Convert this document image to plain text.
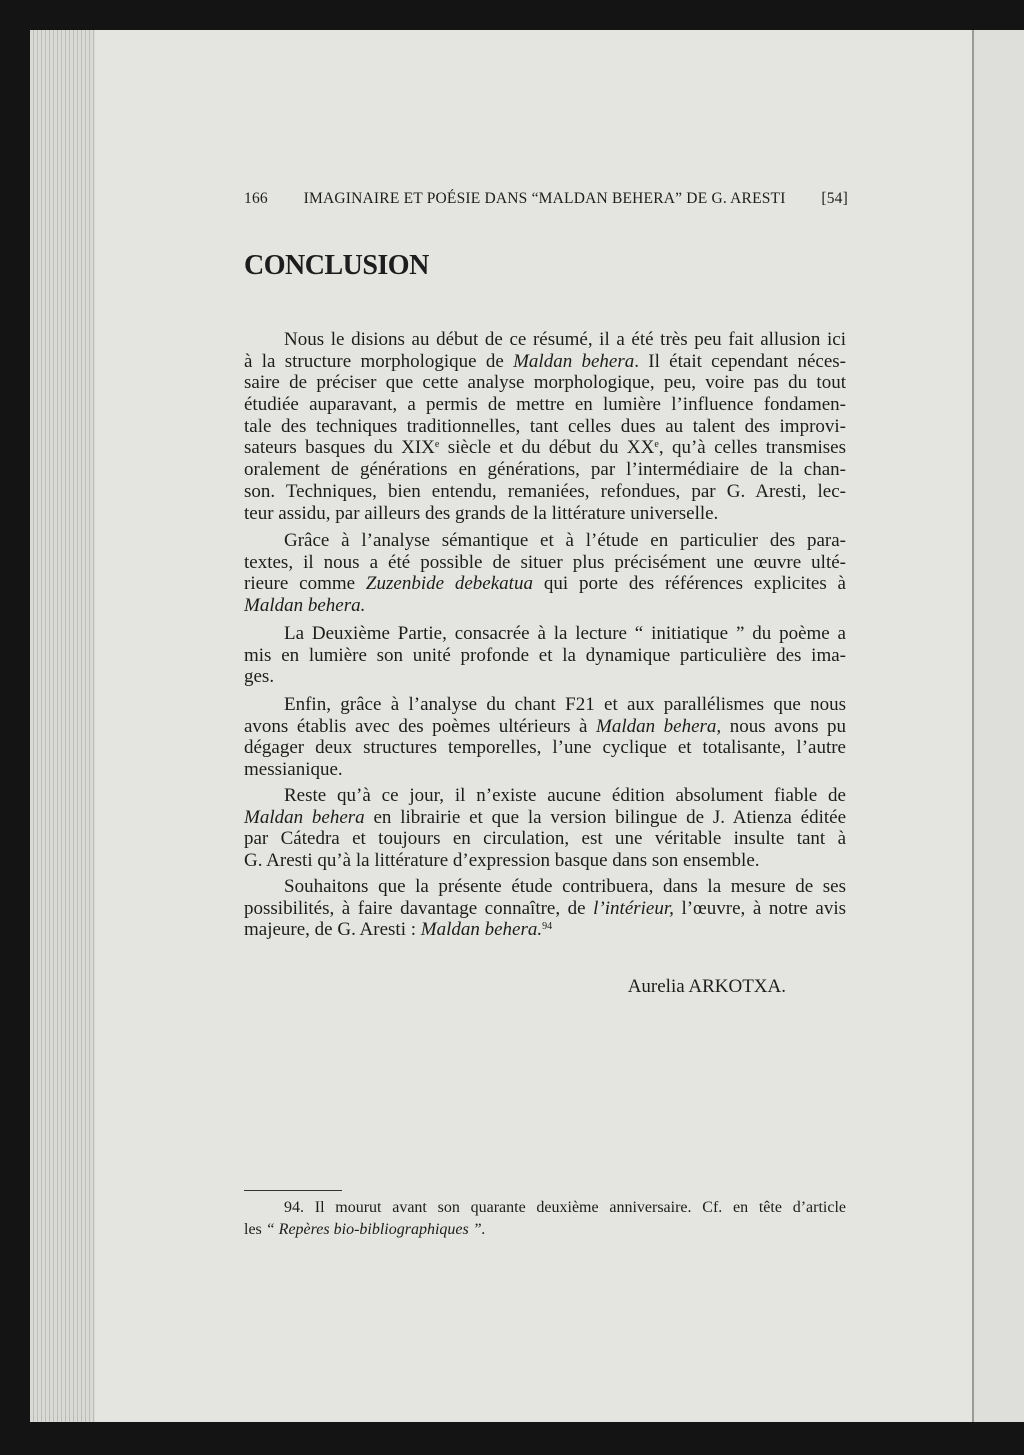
166 IMAGINAIRE ET POÉSIE DANS “MALDAN BEHERA” DE G. ARESTI [54]
CONCLUSION
Nous le disions au début de ce résumé, il a été très peu fait allusion ici
à la structure morphologique de Maldan behera. Il était cependant néces-
saire de préciser que cette analyse morphologique, peu, voire pas du tout
étudiée auparavant, a permis de mettre en lumière l’influence fondamen-
tale des techniques traditionnelles, tant celles dues au talent des improvi-
sateurs basques du XIXe siècle et du début du XXe, qu’à celles transmises
oralement de générations en générations, par l’intermédiaire de la chan-
son. Techniques, bien entendu, remaniées, refondues, par G. Aresti, lec-
teur assidu, par ailleurs des grands de la littérature universelle.
Grâce à l’analyse sémantique et à l’étude en particulier des para-
textes, il nous a été possible de situer plus précisément une œuvre ulté-
rieure comme Zuzenbide debekatua qui porte des références explicites à
Maldan behera.
La Deuxième Partie, consacrée à la lecture “ initiatique ” du poème a
mis en lumière son unité profonde et la dynamique particulière des ima-
ges.
Enfin, grâce à l’analyse du chant F21 et aux parallélismes que nous
avons établis avec des poèmes ultérieurs à Maldan behera, nous avons pu
dégager deux structures temporelles, l’une cyclique et totalisante, l’autre
messianique.
Reste qu’à ce jour, il n’existe aucune édition absolument fiable de
Maldan behera en librairie et que la version bilingue de J. Atienza éditée
par Cátedra et toujours en circulation, est une véritable insulte tant à
G. Aresti qu’à la littérature d’expression basque dans son ensemble.
Souhaitons que la présente étude contribuera, dans la mesure de ses
possibilités, à faire davantage connaître, de l’intérieur, l’œuvre, à notre avis
majeure, de G. Aresti : Maldan behera.$^{94}$
Aurelia ARKOTXA.
94. Il mourut avant son quarante deuxième anniversaire. Cf. en tête d’article
les “ Repères bio-bibliographiques ”.
